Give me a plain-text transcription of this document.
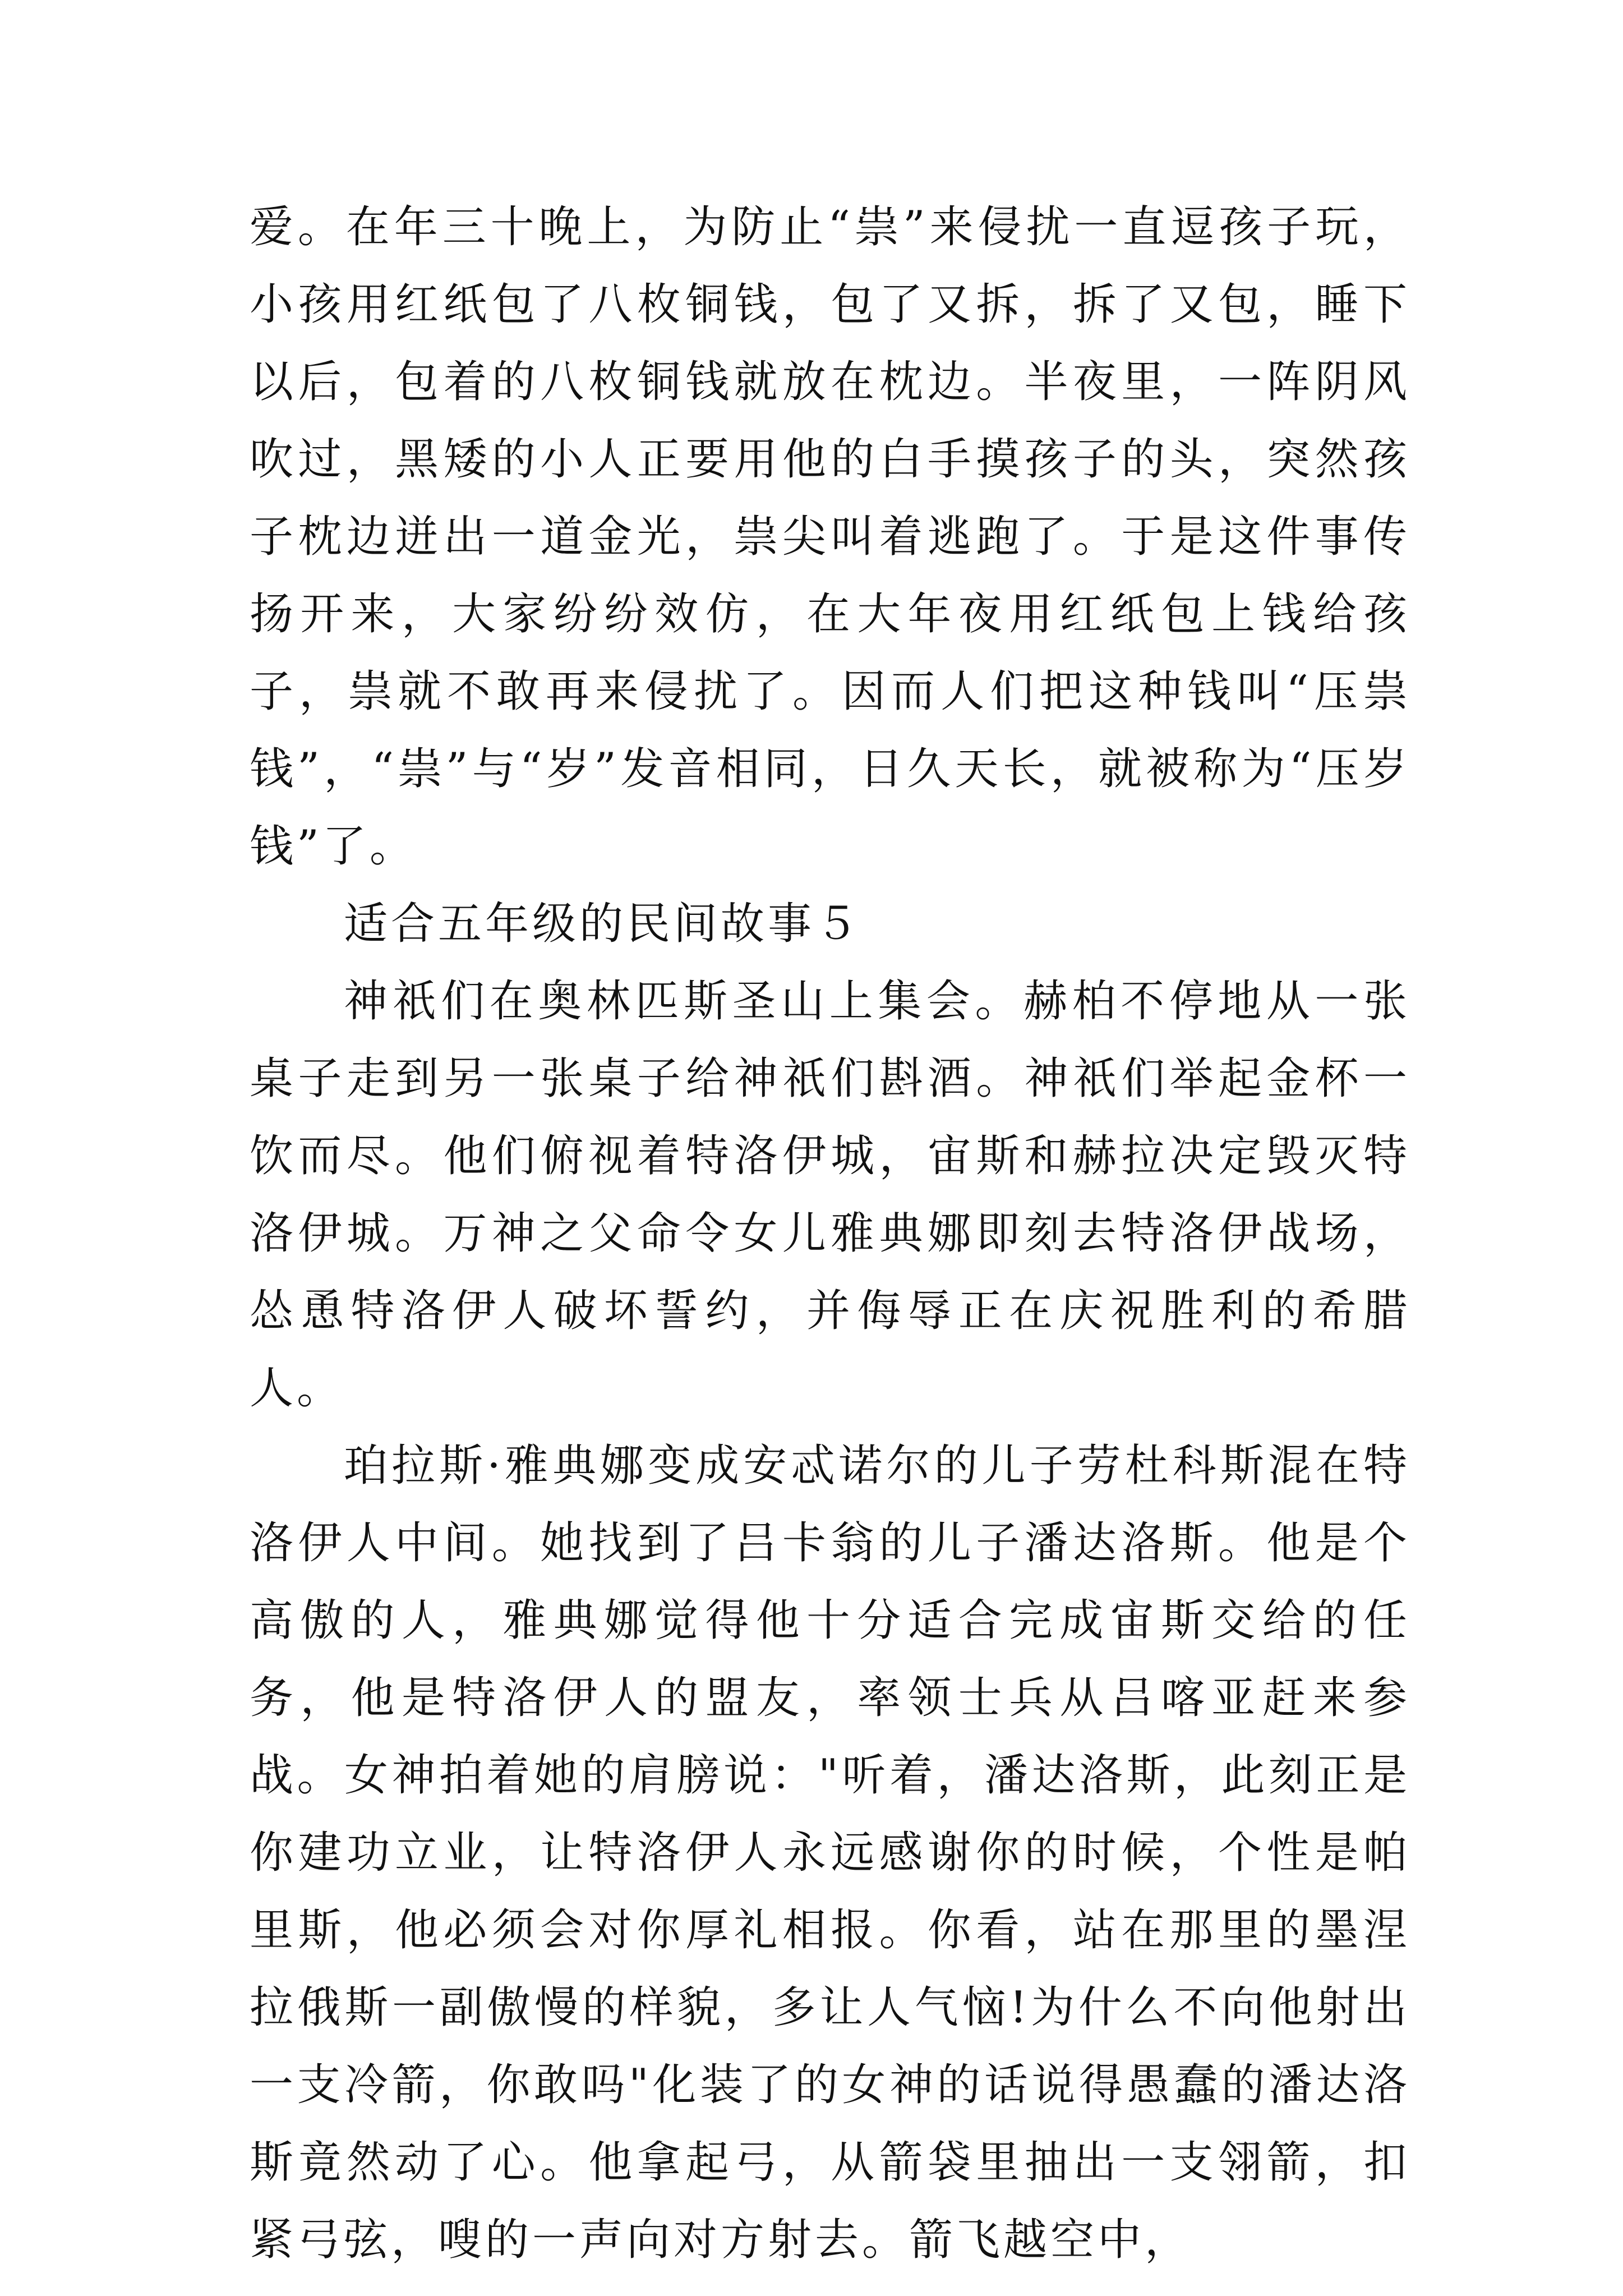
爱。在年三十晚上，为防止“祟”来侵扰一直逗孩子玩，小孩用红纸包了八枚铜钱，包了又拆，拆了又包，睡下以后，包着的八枚铜钱就放在枕边。半夜里，一阵阴风吹过，黑矮的小人正要用他的白手摸孩子的头，突然孩子枕边迸出一道金光，祟尖叫着逃跑了。于是这件事传扬开来，大家纷纷效仿，在大年夜用红纸包上钱给孩子，祟就不敢再来侵扰了。因而人们把这种钱叫“压祟钱”，“祟”与“岁”发音相同，日久天长，就被称为“压岁钱”了。

适合五年级的民间故事５

神祇们在奥林匹斯圣山上集会。赫柏不停地从一张桌子走到另一张桌子给神祇们斟酒。神祇们举起金杯一饮而尽。他们俯视着特洛伊城，宙斯和赫拉决定毁灭特洛伊城。万神之父命令女儿雅典娜即刻去特洛伊战场，怂恿特洛伊人破坏誓约，并侮辱正在庆祝胜利的希腊人。

珀拉斯·雅典娜变成安忒诺尔的儿子劳杜科斯混在特洛伊人中间。她找到了吕卡翁的儿子潘达洛斯。他是个高傲的人，雅典娜觉得他十分适合完成宙斯交给的任务，他是特洛伊人的盟友，率领士兵从吕喀亚赶来参战。女神拍着她的肩膀说："听着，潘达洛斯，此刻正是你建功立业，让特洛伊人永远感谢你的时候，个性是帕里斯，他必须会对你厚礼相报。你看，站在那里的墨涅拉俄斯一副傲慢的样貌，多让人气恼!为什么不向他射出一支冷箭，你敢吗"化装了的女神的话说得愚蠢的潘达洛斯竟然动了心。他拿起弓，从箭袋里抽出一支翎箭，扣紧弓弦，嗖的一声向对方射去。箭飞越空中，
